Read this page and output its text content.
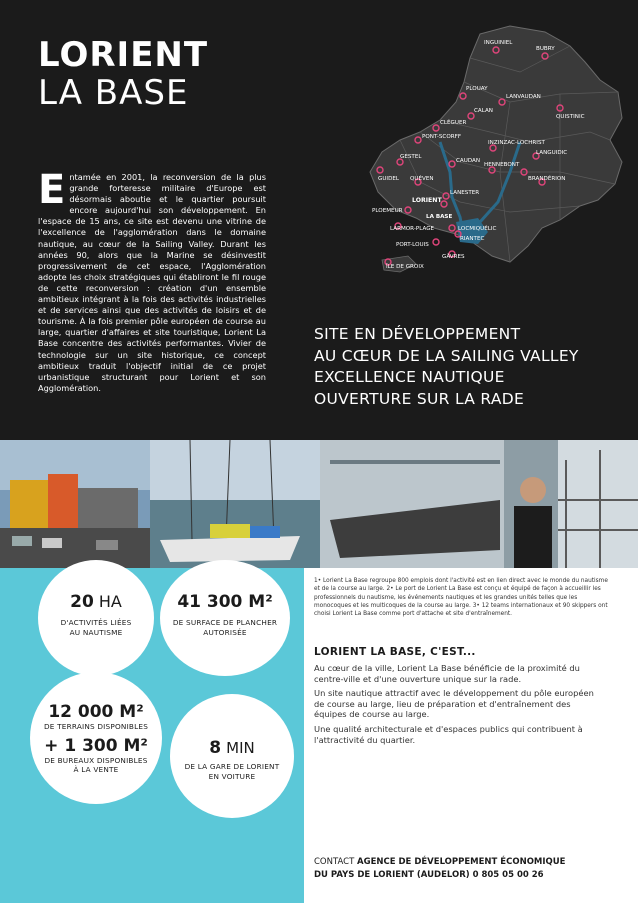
LORIENT
LA BASE
Entamée en 2001, la reconversion de la plus grande forteresse militaire d'Europe est désormais aboutie et le quartier poursuit encore aujourd'hui son développement. En l'espace de 15 ans, ce site est devenu une vitrine de l'excellence de l'agglomération dans le domaine nautique, au cœur de la Sailing Valley. Durant les années 90, alors que la Marine se désinvestit progressivement de cet espace, l'Agglomération adopte les choix stratégiques qui établiront le fil rouge de cette reconversion : création d'un ensemble ambitieux intégrant à la fois des activités industrielles et de services ainsi que des activités de loisirs et de tourisme. À la fois premier pôle européen de course au large, quartier d'affaires et site touristique, Lorient La Base concentre des activités performantes. Vivier de technologie sur un site historique, ce concept ambitieux traduit l'objectif initial de ce projet urbanistique structurant pour Lorient et son Agglomération.
INGUINIEL
BUBRY
PLOUAY
LANVAUDAN
CALAN
QUISTINIC
CLÉGUER
PONT-SCORFF
INZINZAC-LOCHRIST
LANGUIDIC
GESTEL
CAUDAN
HENNEBONT
GUIDEL QUÉVEN	BRANDÉRION
LANESTER
LORIENT
PLOEMEUR
LA BASE
LARMOR-PLAGE	LOCMIQUÉLIC
RIANTEC
PORT-LOUIS
GÂVRES
ÎLE DE GROIX
SITE EN DÉVELOPPEMENT
AU CŒUR DE LA SAILING VALLEY
EXCELLENCE NAUTIQUE
OUVERTURE SUR LA RADE
20 HA
D'ACTIVITÉS LIÉES
AU NAUTISME
41 300 M²
DE SURFACE DE PLANCHER
AUTORISÉE
12 000 M²
DE TERRAINS DISPONIBLES
+ 1 300 M²
DE BUREAUX DISPONIBLES
À LA VENTE
8 MIN
DE LA GARE DE LORIENT
EN VOITURE
1• Lorient La Base regroupe 800 emplois dont l'activité est en lien direct avec le monde du nautisme et de la course au large. 2• Le port de Lorient La Base est conçu et équipé de façon à accueillir les professionnels du nautisme, les événements nautiques et les grandes unités telles que les monocoques et les multicoques de la course au large. 3• 12 teams internationaux et 90 skippers ont choisi Lorient La Base comme port d'attache et site d'entraînement.
LORIENT LA BASE, C'EST...
Au cœur de la ville, Lorient La Base bénéficie de la proximité du centre-ville et d'une ouverture unique sur la rade.
Un site nautique attractif avec le développement du pôle européen de course au large, lieu de préparation et d'entraînement des équipes de course au large.
Une qualité architecturale et d'espaces publics qui contribuent à l'attractivité du quartier.
CONTACT AGENCE DE DÉVELOPPEMENT ÉCONOMIQUE
DU PAYS DE LORIENT (AUDELOR) 0 805 05 00 26
